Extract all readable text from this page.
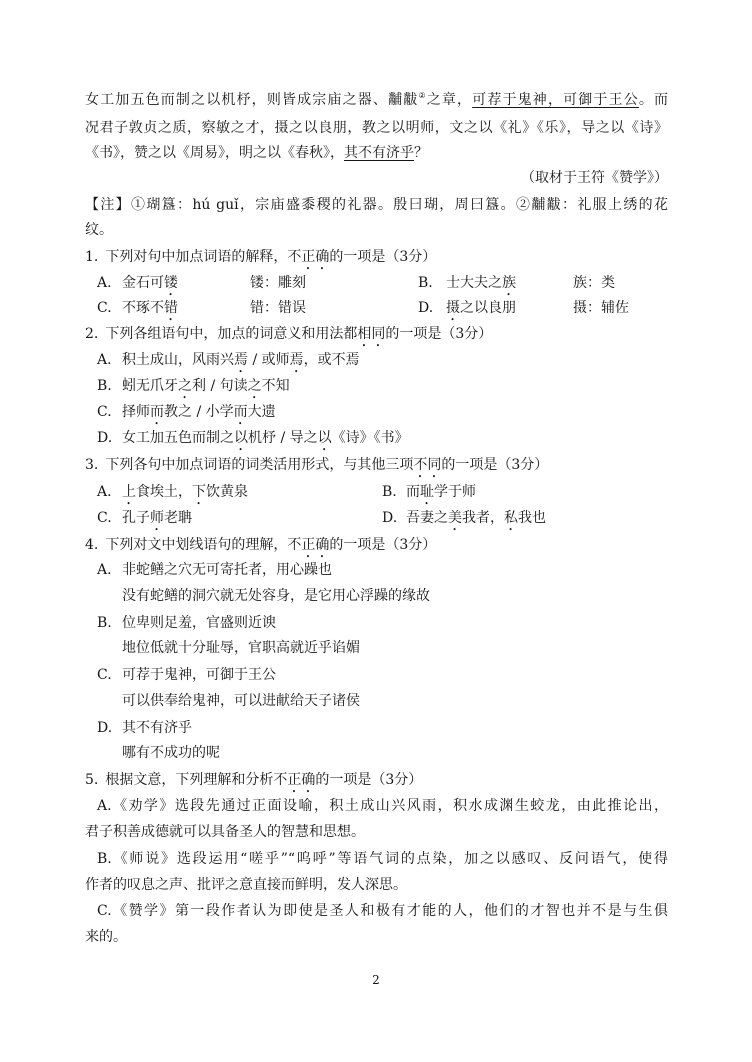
女工加五色而制之以机杼，则皆成宗庙之器、黼黻②之章，可荐于鬼神，可御于王公。而
况君子敦贞之质，察敏之才，摄之以良朋，教之以明师，文之以《礼》《乐》，导之以《诗》
《书》，赞之以《周易》，明之以《春秋》，其不有济乎？
（取材于王符《赞学》）
【注】①瑚簋：hú guǐ，宗庙盛黍稷的礼器。殷曰瑚，周曰簋。②黼黻：礼服上绣的花
纹。
1. 下列对句中加点词语的解释，不正确的一项是（3分）
A. 金石可镂	镂：雕刻	B. 士大夫之族	族：类
C. 不琢不错	错：错误	D. 摄之以良朋	摄：辅佐
2. 下列各组语句中，加点的词意义和用法都相同的一项是（3分）
A. 积土成山，风雨兴焉 / 或师焉，或不焉
B. 蚓无爪牙之利 / 句读之不知
C. 择师而教之 / 小学而大遗
D. 女工加五色而制之以机杼 / 导之以《诗》《书》
3. 下列各句中加点词语的词类活用形式，与其他三项不同的一项是（3分）
A. 上食埃土，下饮黄泉	B. 而耻学于师
C. 孔子师老聃	D. 吾妻之美我者，私我也
4. 下列对文中划线语句的理解，不正确的一项是（3分）
A. 非蛇鳝之穴无可寄托者，用心躁也
没有蛇鳝的洞穴就无处容身，是它用心浮躁的缘故
B. 位卑则足羞，官盛则近谀
地位低就十分耻辱，官职高就近乎谄媚
C. 可荐于鬼神，可御于王公
可以供奉给鬼神，可以进献给天子诸侯
D. 其不有济乎
哪有不成功的呢
5. 根据文意，下列理解和分析不正确的一项是（3分）
A.《劝学》选段先通过正面设喻，积土成山兴风雨，积水成渊生蛟龙，由此推论出，
君子积善成德就可以具备圣人的智慧和思想。
B.《师说》选段运用“嗟乎”“呜呼”等语气词的点染，加之以感叹、反问语气，使得
作者的叹息之声、批评之意直接而鲜明，发人深思。
C.《赞学》第一段作者认为即使是圣人和极有才能的人，他们的才智也并不是与生俱
来的。
2
